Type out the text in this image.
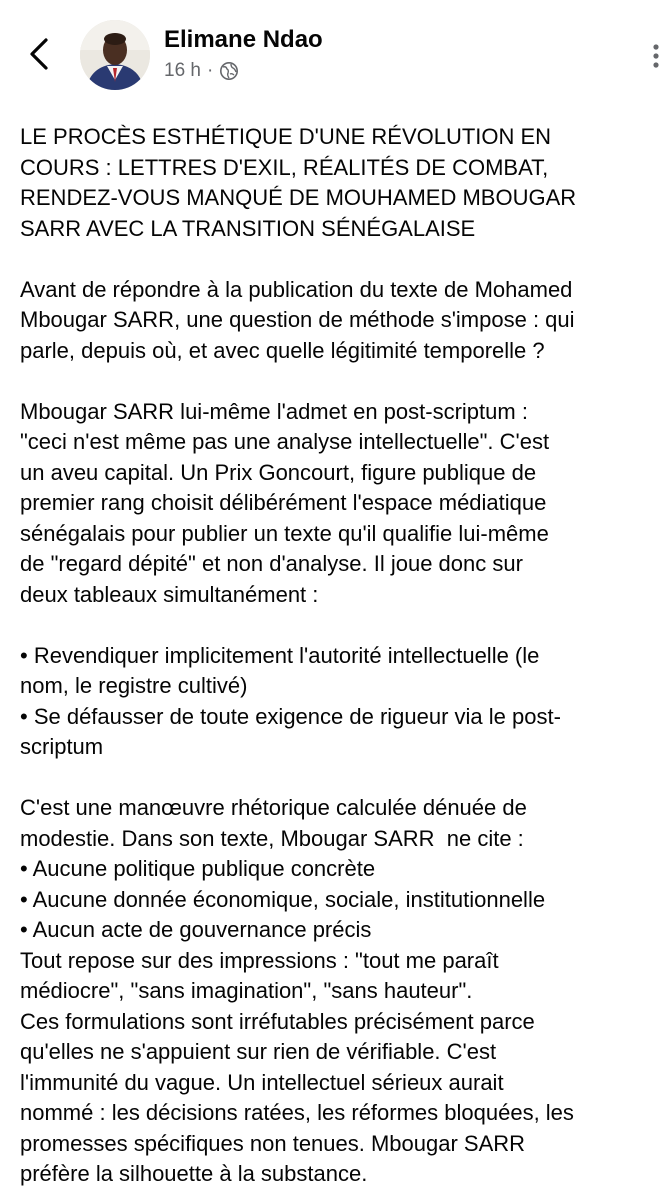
Elimane Ndao
16 h ·

LE PROCÈS ESTHÉTIQUE D'UNE RÉVOLUTION EN

COURS : LETTRES D'EXIL, RÉALITÉS DE COMBAT,

RENDEZ-VOUS MANQUÉ DE MOUHAMED MBOUGAR

SARR AVEC LA TRANSITION SÉNÉGALAISE

Avant de répondre à la publication du texte de Mohamed

Mbougar SARR, une question de méthode s'impose : qui

parle, depuis où, et avec quelle légitimité temporelle ?

Mbougar SARR lui-même l'admet en post-scriptum :

"ceci n'est même pas une analyse intellectuelle". C'est

un aveu capital. Un Prix Goncourt, figure publique de

premier rang choisit délibérément l'espace médiatique

sénégalais pour publier un texte qu'il qualifie lui-même

de "regard dépité" et non d'analyse. Il joue donc sur

deux tableaux simultanément :

• Revendiquer implicitement l'autorité intellectuelle (le

nom, le registre cultivé)

• Se défausser de toute exigence de rigueur via le post-

scriptum

C'est une manœuvre rhétorique calculée dénuée de

modestie. Dans son texte, Mbougar SARR  ne cite :

• Aucune politique publique concrète

• Aucune donnée économique, sociale, institutionnelle

• Aucun acte de gouvernance précis

Tout repose sur des impressions : "tout me paraît

médiocre", "sans imagination", "sans hauteur".

Ces formulations sont irréfutables précisément parce

qu'elles ne s'appuient sur rien de vérifiable. C'est

l'immunité du vague. Un intellectuel sérieux aurait

nommé : les décisions ratées, les réformes bloquées, les

promesses spécifiques non tenues. Mbougar SARR

préfère la silhouette à la substance.
